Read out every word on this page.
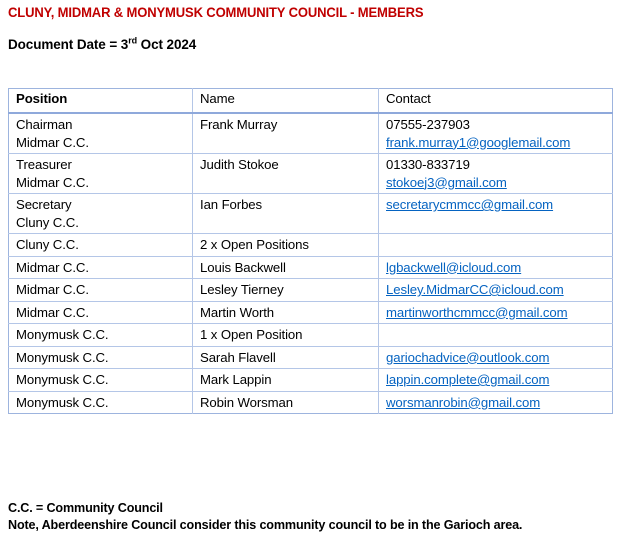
CLUNY, MIDMAR & MONYMUSK COMMUNITY COUNCIL - MEMBERS
Document Date = 3rd Oct 2024
Position	Name	Contact

Chairman
Midmar C.C.
	Frank Murray	07555-237903
frank.murray1@googlemail.com

Treasurer
Midmar C.C.
	Judith Stokoe	01330-833719
stokoej3@gmail.com

Secretary
Cluny C.C.	Ian Forbes	secretarycmmcc@gmail.com

Cluny C.C.	2 x Open Positions	
Midmar C.C.	Louis Backwell	lgbackwell@icloud.com
Midmar C.C.	Lesley Tierney	Lesley.MidmarCC@icloud.com
Midmar C.C.	Martin Worth	martinworthcmmcc@gmail.com
Monymusk C.C.	1 x Open Position	
Monymusk C.C.	Sarah Flavell	gariochadvice@outlook.com
Monymusk C.C.	Mark Lappin	lappin.complete@gmail.com
Monymusk C.C.	Robin Worsman	worsmanrobin@gmail.com
C.C. = Community Council
Note, Aberdeenshire Council consider this community council to be in the Garioch area.
